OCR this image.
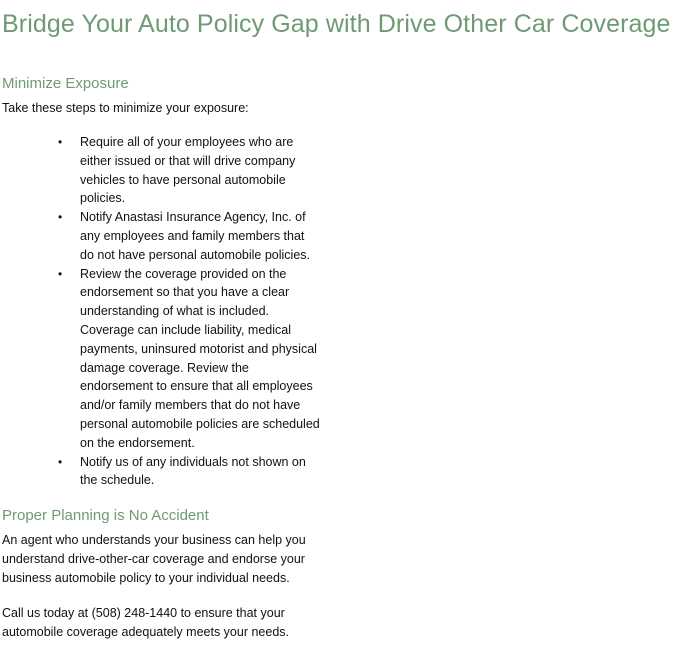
Bridge Your Auto Policy Gap with Drive Other Car Coverage
Minimize Exposure

Take these steps to minimize your exposure:

• Require all of your employees who are either issued or that will drive company vehicles to have personal automobile policies.
• Notify Anastasi Insurance Agency, Inc. of any employees and family members that do not have personal automobile policies.
• Review the coverage provided on the endorsement so that you have a clear understanding of what is included. Coverage can include liability, medical payments, uninsured motorist and physical damage coverage. Review the endorsement to ensure that all employees and/or family members that do not have personal automobile policies are scheduled on the endorsement.
• Notify us of any individuals not shown on the schedule.
Proper Planning is No Accident

An agent who understands your business can help you understand drive-other-car coverage and endorse your business automobile policy to your individual needs.

Call us today at (508) 248-1440 to ensure that your automobile coverage adequately meets your needs.
